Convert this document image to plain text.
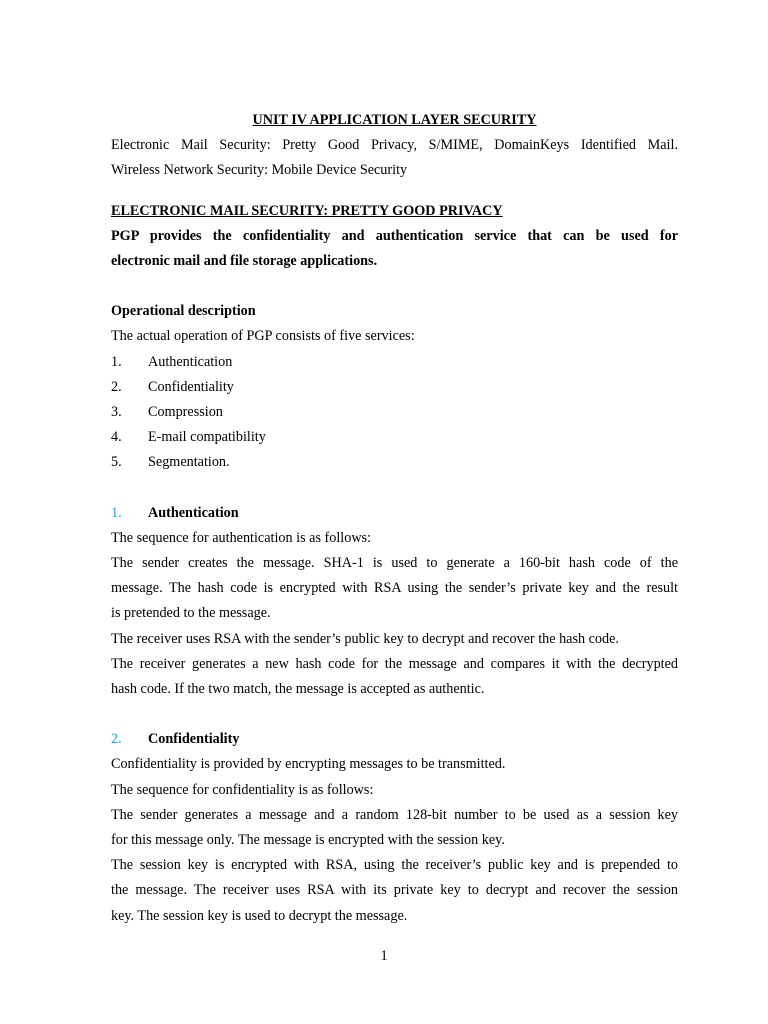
UNIT IV APPLICATION LAYER SECURITY

Electronic Mail Security: Pretty Good Privacy, S/MIME, DomainKeys Identified Mail.

Wireless Network Security: Mobile Device Security

ELECTRONIC MAIL SECURITY: PRETTY GOOD PRIVACY

PGP provides the confidentiality and authentication service that can be used for

electronic mail and file storage applications.

Operational description

The actual operation of PGP consists of five services:

1.	Authentication
2.	Confidentiality
3.	Compression
4.	E-mail compatibility
5.	Segmentation.
1.	Authentication

The sequence for authentication is as follows:

The sender creates the message. SHA-1 is used to generate a 160-bit hash code of the

message. The hash code is encrypted with RSA using the sender’s private key and the result

is pretended to the message.

The receiver uses RSA with the sender’s public key to decrypt and recover the hash code.

The receiver generates a new hash code for the message and compares it with the decrypted

hash code. If the two match, the message is accepted as authentic.

2.	Confidentiality

Confidentiality is provided by encrypting messages to be transmitted.

The sequence for confidentiality is as follows:

The sender generates a message and a random 128-bit number to be used as a session key

for this message only. The message is encrypted with the session key.

The session key is encrypted with RSA, using the receiver’s public key and is prepended to

the message. The receiver uses RSA with its private key to decrypt and recover the session

key. The session key is used to decrypt the message.

1
